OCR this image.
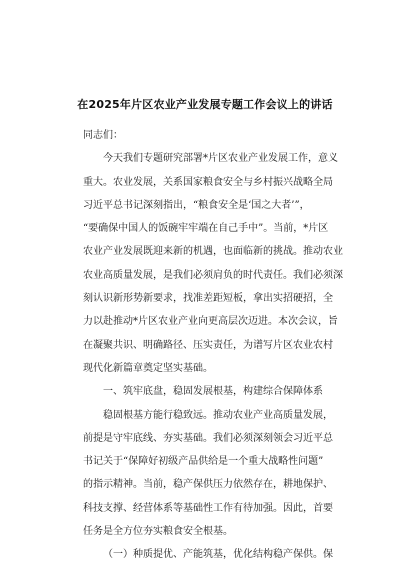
在2025年片区农业产业发展专题工作会议上的讲话
同志们：
今天我们专题研究部署*片区农业产业发展工作，意义
重大。农业发展，关系国家粮食安全与乡村振兴战略全局
习近平总书记深刻指出，“粮食安全是‘国之大者’”，
“要确保中国人的饭碗牢牢端在自己手中”。当前，*片区
农业产业发展既迎来新的机遇，也面临新的挑战。推动农业
农业高质量发展，是我们必须肩负的时代责任。我们必须深
刻认识新形势新要求，找准差距短板，拿出实招硬招，全
力以赴推动*片区农业产业向更高层次迈进。本次会议，旨
在凝聚共识、明确路径、压实责任，为谱写片区农业农村
现代化新篇章奠定坚实基础。
一、筑牢底盘，稳固发展根基，构建综合保障体系
稳固根基方能行稳致远。推动农业产业高质量发展，
前提是守牢底线、夯实基础。我们必须深刻领会习近平总
书记关于“保障好初级产品供给是一个重大战略性问题”
的指示精神。当前，稳产保供压力依然存在，耕地保护、
科技支撑、经营体系等基础性工作有待加强。因此，首要
任务是全方位夯实粮食安全根基。
（一）种质提优、产能筑基，优化结构稳产保供。保
